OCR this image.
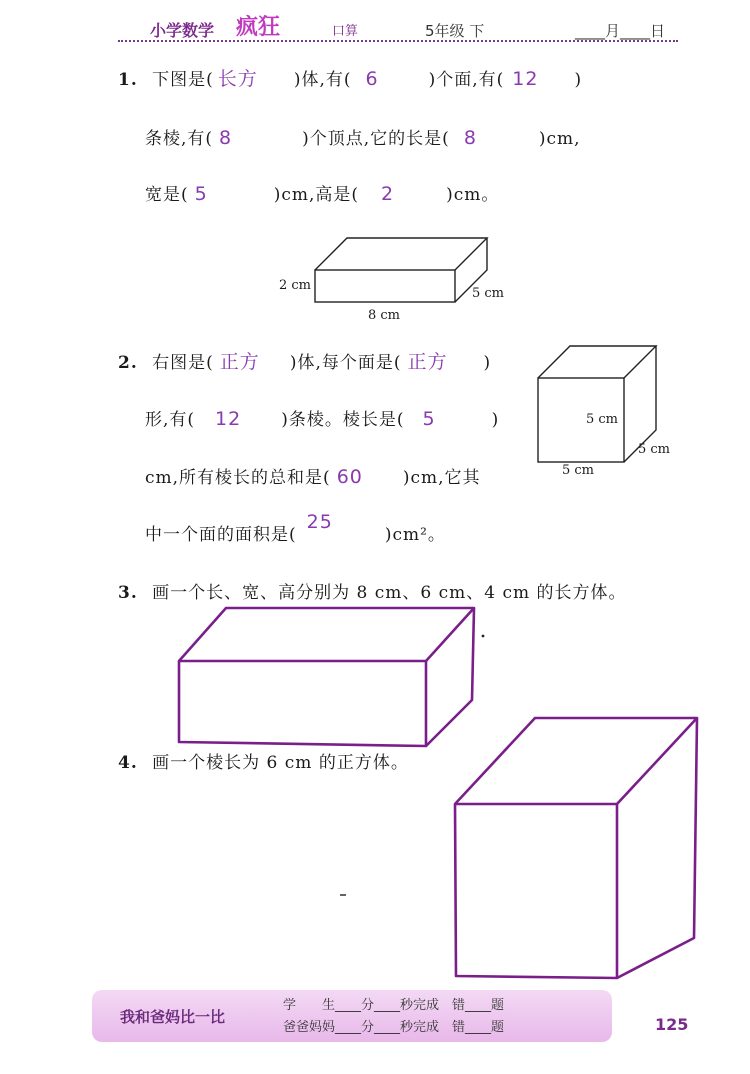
小学数学 疯狂	口算	5年级 下	____月____日
1. 下图是( 长方 )体,有( 6	)个面,有( 12 )
条棱,有( 8	)个顶点,它的长是( 8	)cm,
宽是( 5	)cm,高是( 2	)cm。
2 cm
5 cm
8 cm
2. 右图是( 正方 )体,每个面是( 正方 )
形,有( 12 )条棱。棱长是( 5	)
cm,所有棱长的总和是( 60 )cm,它其
中一个面的面积是(25)cm²。
5 cm
5 cm
5 cm
3. 画一个长、宽、高分别为 8 cm、6 cm、4 cm 的长方体。
4. 画一个棱长为 6 cm 的正方体。
我和爸妈比一比
学　　生____分____秒完成　错____题
爸爸妈妈____分____秒完成　错____题	125
